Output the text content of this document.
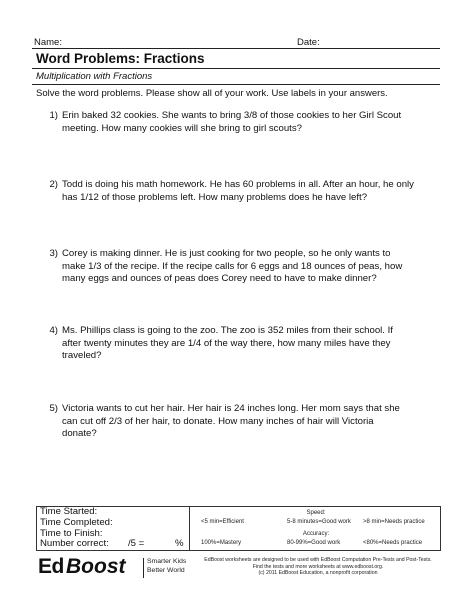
Name:	Date:
Word Problems: Fractions
Multiplication with Fractions
Solve the word problems. Please show all of your work. Use labels in your answers.
1) Erin baked 32 cookies. She wants to bring 3/8 of those cookies to her Girl Scout
meeting. How many cookies will she bring to girl scouts?
2) Todd is doing his math homework. He has 60 problems in all. After an hour, he only
has 1/12 of those problems left. How many problems does he have left?
3) Corey is making dinner. He is just cooking for two people, so he only wants to
make 1/3 of the recipe. If the recipe calls for 6 eggs and 18 ounces of peas, how
many eggs and ounces of peas does Corey need to have to make dinner?
4) Ms. Phillips class is going to the zoo. The zoo is 352 miles from their school. If
after twenty minutes they are 1/4 of the way there, how many miles have they
traveled?
5) Victoria wants to cut her hair. Her hair is 24 inches long. Her mom says that she
can cut off 2/3 of her hair, to donate. How many inches of hair will Victoria
donate?
Time Started:
Time Completed:
Time to Finish:
Number correct: /5 =	%
Speed:
<5 min=Efficient	5-8 minutes=Good work >8 min=Needs practice
Accuracy:
100%=Mastery	80-99%=Good work	<80%=Needs practice
Ed Boost	Smarter Kids
Better World
EdBoost worksheets are designed to be used with EdBoost Computation Pre-Tests and Post-Tests.
Find the tests and more worksheets at www.edboost.org.
(c) 2011 EdBoost Education, a nonprofit corporation
